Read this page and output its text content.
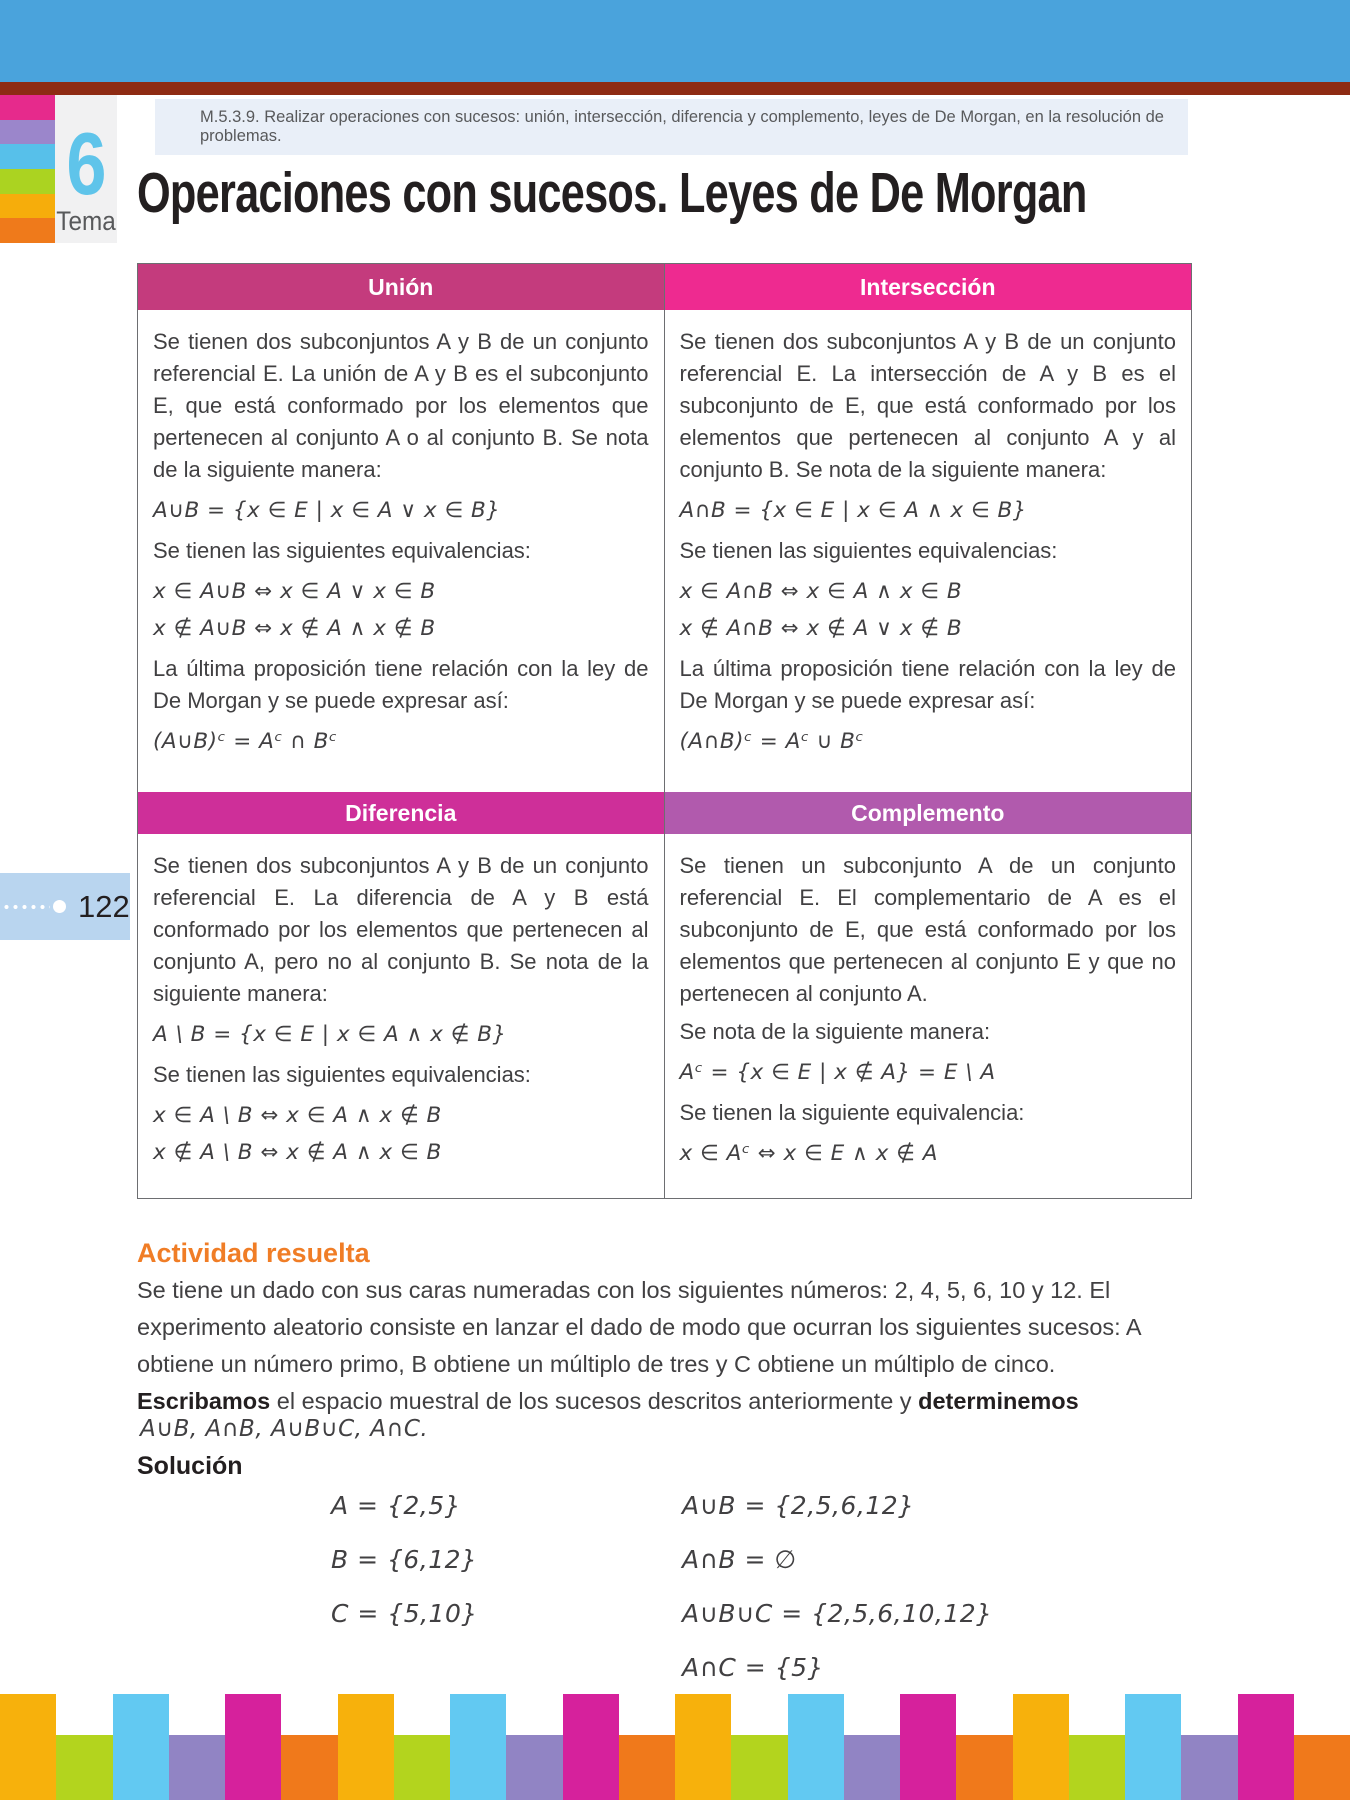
6
Tema
M.5.3.9. Realizar operaciones con sucesos: unión, intersección, diferencia y complemento, leyes de De Morgan, en la resolución de problemas.
Operaciones con sucesos. Leyes de De Morgan
Unión	Intersección

Se tienen dos subconjuntos A y B de un conjunto referencial E. La unión de A y B es el subconjunto E, que está conformado por los elementos que pertenecen al conjunto A o al conjunto B. Se nota de la siguiente manera:

A∪B = {x ∈ E | x ∈ A ∨ x ∈ B}

Se tienen las siguientes equivalencias:

x ∈ A∪B ⇔ x ∈ A ∨ x ∈ B

x ∉ A∪B ⇔ x ∉ A ∧ x ∉ B

La última proposición tiene relación con la ley de De Morgan y se puede expresar así:

(A∪B)ᶜ = Aᶜ ∩ Bᶜ

Se tienen dos subconjuntos A y B de un conjunto referencial E. La intersección de A y B es el subconjunto de E, que está conformado por los elementos que pertenecen al conjunto A y al conjunto B. Se nota de la siguiente manera:

A∩B = {x ∈ E | x ∈ A ∧ x ∈ B}

Se tienen las siguientes equivalencias:

x ∈ A∩B ⇔ x ∈ A ∧ x ∈ B

x ∉ A∩B ⇔ x ∉ A ∨ x ∉ B

La última proposición tiene relación con la ley de De Morgan y se puede expresar así:

(A∩B)ᶜ = Aᶜ ∪ Bᶜ

Diferencia	Complemento

Se tienen dos subconjuntos A y B de un conjunto referencial E. La diferencia de A y B está conformado por los elementos que pertenecen al conjunto A, pero no al conjunto B. Se nota de la siguiente manera:

A \ B = {x ∈ E | x ∈ A ∧ x ∉ B}

Se tienen las siguientes equivalencias:

x ∈ A \ B ⇔ x ∈ A ∧ x ∉ B

x ∉ A \ B ⇔ x ∉ A ∧ x ∈ B

Se tienen un subconjunto A de un conjunto referencial E. El complementario de A es el subconjunto de E, que está conformado por los elementos que pertenecen al conjunto E y que no pertenecen al conjunto A.

Se nota de la siguiente manera:

Aᶜ = {x ∈ E | x ∉ A} = E \ A

Se tienen la siguiente equivalencia:

x ∈ Aᶜ ⇔ x ∈ E ∧ x ∉ A

122
Actividad resuelta

Se tiene un dado con sus caras numeradas con los siguientes números: 2, 4, 5, 6, 10 y 12. El experimento aleatorio consiste en lanzar el dado de modo que ocurran los siguientes sucesos: A obtiene un número primo, B obtiene un múltiplo de tres y C obtiene un múltiplo de cinco.

Escribamos el espacio muestral de los sucesos descritos anteriormente y determinemos

A∪B, A∩B, A∪B∪C, A∩C.

Solución

A = {2,5}

B = {6,12}

C = {5,10}

A∪B = {2,5,6,12}

A∩B = ∅

A∪B∪C = {2,5,6,10,12}

A∩C = {5}
